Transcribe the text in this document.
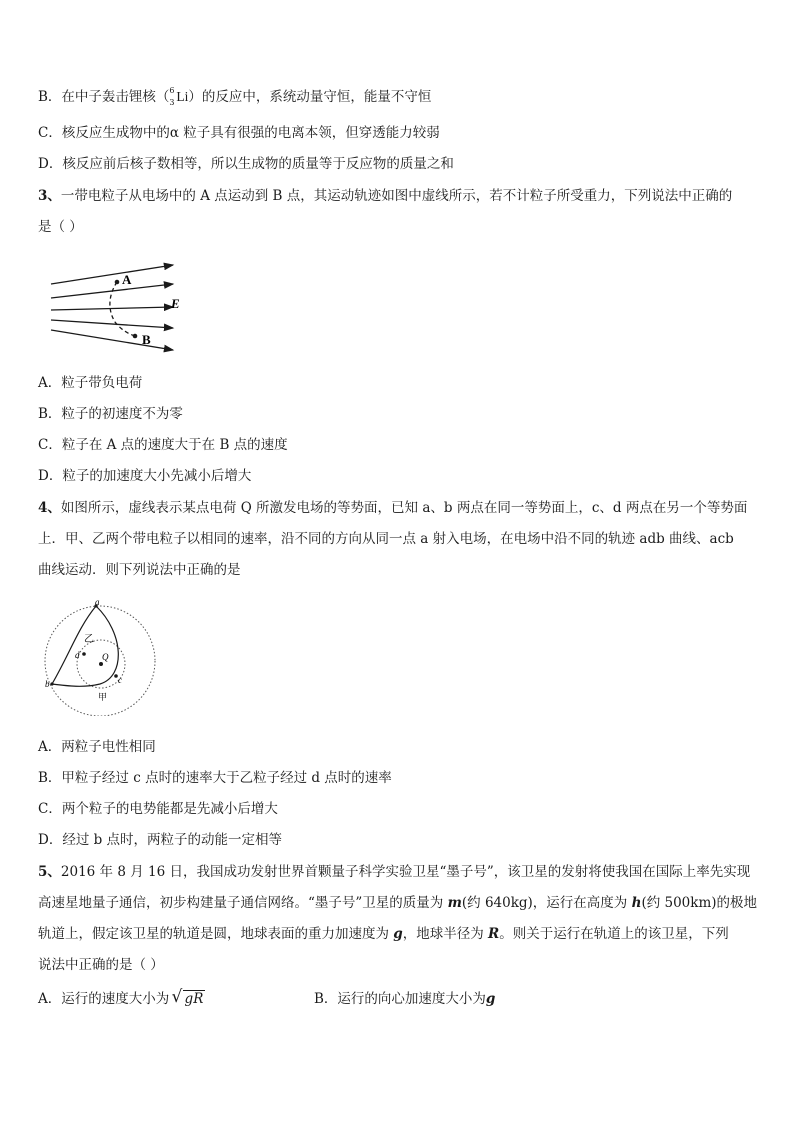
B．在中子轰击锂核（ 6
3 Li）的反应中，系统动量守恒，能量不守恒
C．核反应生成物中的α 粒子具有很强的电离本领，但穿透能力较弱
D．核反应前后核子数相等，所以生成物的质量等于反应物的质量之和
3、一带电粒子从电场中的 A 点运动到 B 点，其运动轨迹如图中虚线所示，若不计粒子所受重力，下列说法中正确的
是（ ）
A
B
E
A．粒子带负电荷
B．粒子的初速度不为零
C．粒子在 A 点的速度大于在 B 点的速度
D．粒子的加速度大小先减小后增大
4、如图所示，虚线表示某点电荷 Q 所激发电场的等势面，已知 a、b 两点在同一等势面上，c、d 两点在另一个等势面
上．甲、乙两个带电粒子以相同的速率，沿不同的方向从同一点 a 射入电场，在电场中沿不同的轨迹 adb 曲线、acb
曲线运动．则下列说法中正确的是
a
b	c
d	Q
乙
甲
A．两粒子电性相同
B．甲粒子经过 c 点时的速率大于乙粒子经过 d 点时的速率
C．两个粒子的电势能都是先减小后增大
D．经过 b 点时，两粒子的动能一定相等
5、2016 年 8 月 16 日，我国成功发射世界首颗量子科学实验卫星“墨子号”，该卫星的发射将使我国在国际上率先实现
高速星地量子通信，初步构建量子通信网络。“墨子号”卫星的质量为 m(约 640kg)，运行在高度为 h(约 500km)的极地
轨道上，假定该卫星的轨道是圆，地球表面的重力加速度为 g，地球半径为 R。则关于运行在轨道上的该卫星，下列
说法中正确的是（ ）
A．运行的速度大小为 √ gR	B．运行的向心加速度大小为g
